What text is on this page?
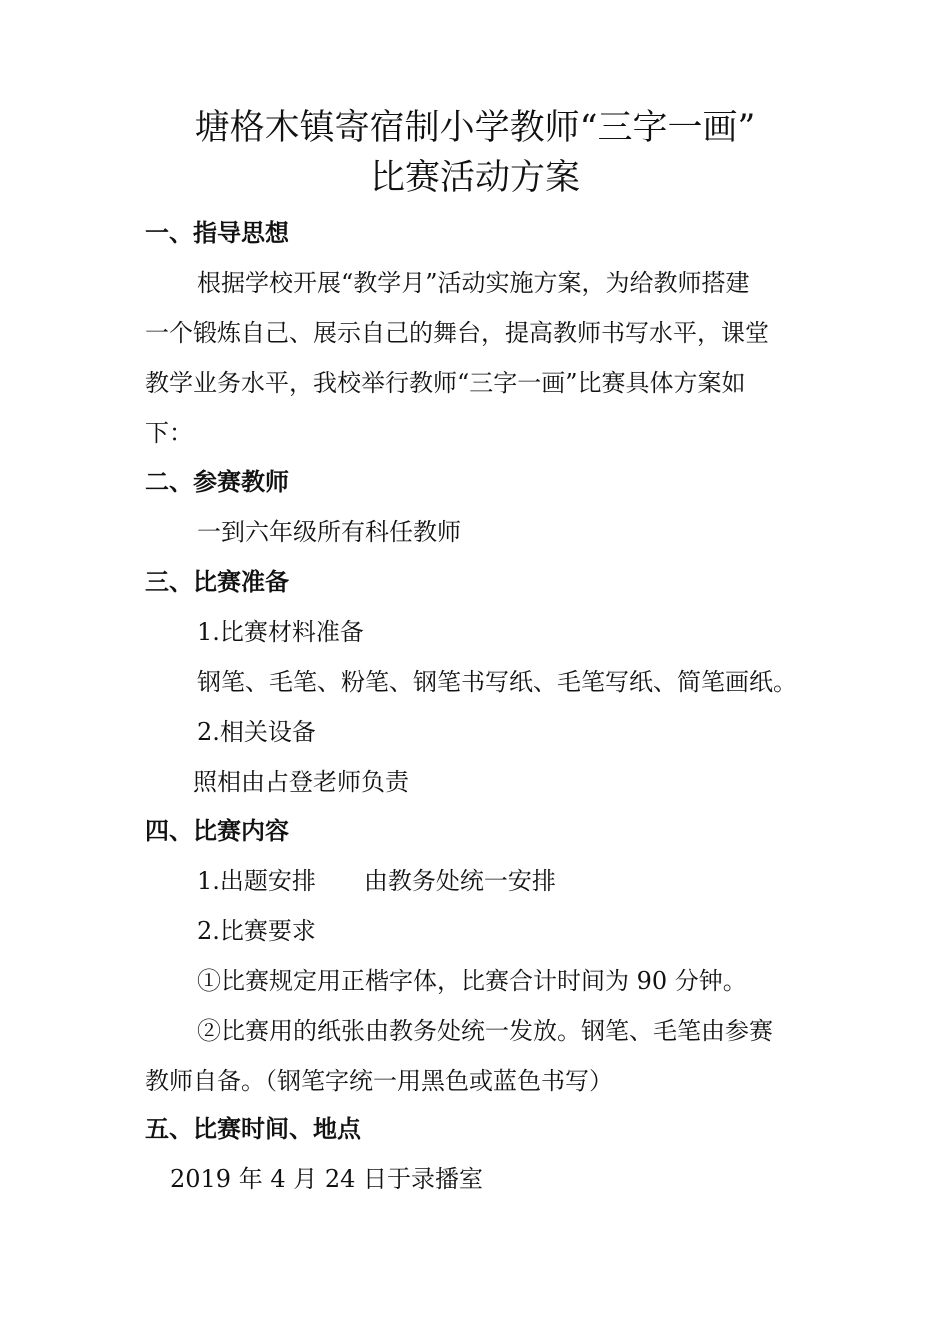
塘格木镇寄宿制小学教师“三字一画”
比赛活动方案
一、指导思想

根据学校开展“教学月”活动实施方案，为给教师搭建

一个锻炼自己、展示自己的舞台，提高教师书写水平，课堂

教学业务水平，我校举行教师“三字一画”比赛具体方案如

下：

二、参赛教师

一到六年级所有科任教师

三、比赛准备

1.比赛材料准备

钢笔、毛笔、粉笔、钢笔书写纸、毛笔写纸、简笔画纸。

2.相关设备

照相由占登老师负责

四、比赛内容

1.出题安排 由教务处统一安排

2.比赛要求

①比赛规定用正楷字体，比赛合计时间为 90 分钟。

②比赛用的纸张由教务处统一发放。钢笔、毛笔由参赛

教师自备。（钢笔字统一用黑色或蓝色书写）

五、比赛时间、地点

2019 年 4 月 24 日于录播室
